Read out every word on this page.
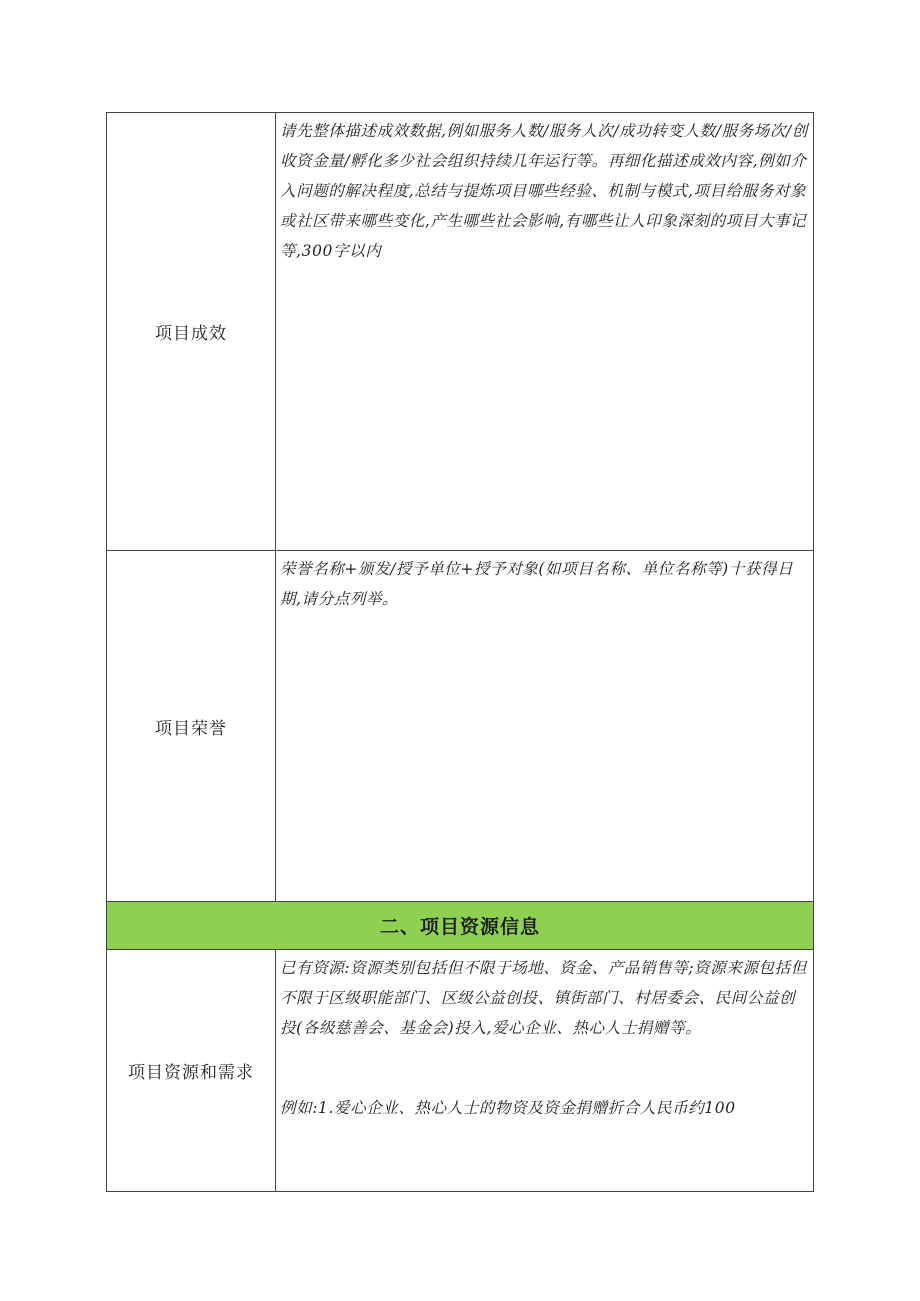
项目成效	请先整体描述成效数据,例如服务人数/服务人次/成功转变人数/服务场次/创收资金量/孵化多少社会组织持续几年运行等。再细化描述成效内容,例如介入问题的解决程度,总结与提炼项目哪些经验、机制与模式,项目给服务对象或社区带来哪些变化,产生哪些社会影响,有哪些让人印象深刻的项目大事记等,300字以内

项目荣誉	荣誉名称+颁发/授予单位+授予对象(如项目名称、单位名称等)十获得日期,请分点列举。

二、项目资源信息	
项目资源和需求	已有资源:资源类别包括但不限于场地、资金、产品销售等;资源来源包括但不限于区级职能部门、区级公益创投、镇街部门、村居委会、民间公益创投(各级慈善会、基金会)投入,爱心企业、热心人士捐赠等。
例如:1.爱心企业、热心人士的物资及资金捐赠折合人民币约100
